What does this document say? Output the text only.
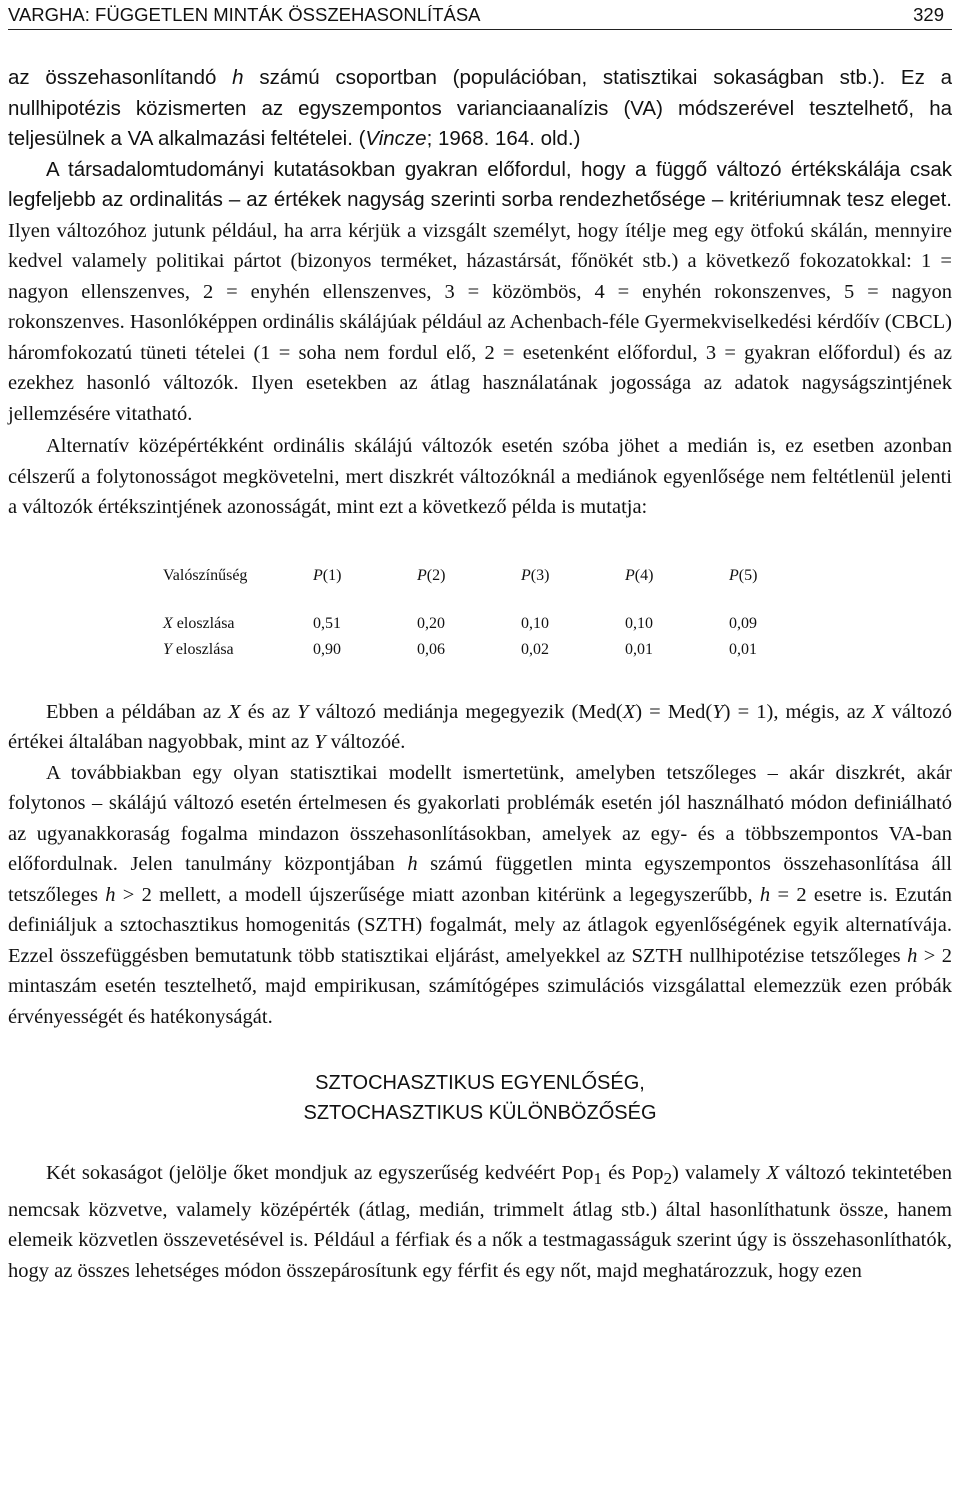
VARGHA: FÜGGETLEN MINTÁK ÖSSZEHASONLÍTÁSA	329

az összehasonlítandó h számú csoportban (populációban, statisztikai sokaságban stb.). Ez a nullhipotézis közismerten az egyszempontos varianciaanalízis (VA) módszerével tesztelhető, ha teljesülnek a VA alkalmazási feltételei. (Vincze; 1968. 164. old.)

A társadalomtudományi kutatásokban gyakran előfordul, hogy a függő változó értékskálája csak legfeljebb az ordinalitás – az értékek nagyság szerinti sorba rendezhetősége – kritériumnak tesz eleget. Ilyen változóhoz jutunk például, ha arra kérjük a vizsgált személyt, hogy ítélje meg egy ötfokú skálán, mennyire kedvel valamely politikai pártot (bizonyos terméket, házastársát, főnökét stb.) a következő fokozatokkal: 1 = nagyon ellenszenves, 2 = enyhén ellenszenves, 3 = közömbös, 4 = enyhén rokonszenves, 5 = nagyon rokonszenves. Hasonlóképpen ordinális skálájúak például az Achenbach-féle Gyermekviselkedési kérdőív (CBCL) háromfokozatú tüneti tételei (1 = soha nem fordul elő, 2 = esetenként előfordul, 3 = gyakran előfordul) és az ezekhez hasonló változók. Ilyen esetekben az átlag használatának jogossága az adatok nagyságszintjének jellemzésére vitatható.

Alternatív középértékként ordinális skálájú változók esetén szóba jöhet a medián is, ez esetben azonban célszerű a folytonosságot megkövetelni, mert diszkrét változóknál a mediánok egyenlősége nem feltétlenül jelenti a változók értékszintjének azonosságát, mint ezt a következő példa is mutatja:

Valószínűség	P(1)	P(2)	P(3)	P(4)	P(5)

X eloszlása	0,51	0,20	0,10	0,10	0,09
Y eloszlása	0,90	0,06	0,02	0,01	0,01

Ebben a példában az X és az Y változó mediánja megegyezik (Med(X) = Med(Y) = 1), mégis, az X változó értékei általában nagyobbak, mint az Y változóé.

A továbbiakban egy olyan statisztikai modellt ismertetünk, amelyben tetszőleges – akár diszkrét, akár folytonos – skálájú változó esetén értelmesen és gyakorlati problémák esetén jól használható módon definiálható az ugyanakkoraság fogalma mindazon összehasonlításokban, amelyek az egy- és a többszempontos VA-ban előfordulnak. Jelen tanulmány központjában h számú független minta egyszempontos összehasonlítása áll tetszőleges h > 2 mellett, a modell újszerűsége miatt azonban kitérünk a legegyszerűbb, h = 2 esetre is. Ezután definiáljuk a sztochasztikus homogenitás (SZTH) fogalmát, mely az átlagok egyenlőségének egyik alternatívája. Ezzel összefüggésben bemutatunk több statisztikai eljárást, amelyekkel az SZTH nullhipotézise tetszőleges h > 2 mintaszám esetén tesztelhető, majd empirikusan, számítógépes szimulációs vizsgálattal elemezzük ezen próbák érvényességét és hatékonyságát.

SZTOCHASZTIKUS EGYENLŐSÉG,
SZTOCHASZTIKUS KÜLÖNBÖZŐSÉG

Két sokaságot (jelölje őket mondjuk az egyszerűség kedvéért Pop$_1$ és Pop$_2$) valamely X változó tekintetében nemcsak közvetve, valamely középérték (átlag, medián, trimmelt átlag stb.) által hasonlíthatunk össze, hanem elemeik közvetlen összevetésével is. Például a férfiak és a nők a testmagasságuk szerint úgy is összehasonlíthatók, hogy az összes lehetséges módon összepárosítunk egy férfit és egy nőt, majd meghatározzuk, hogy ezen
